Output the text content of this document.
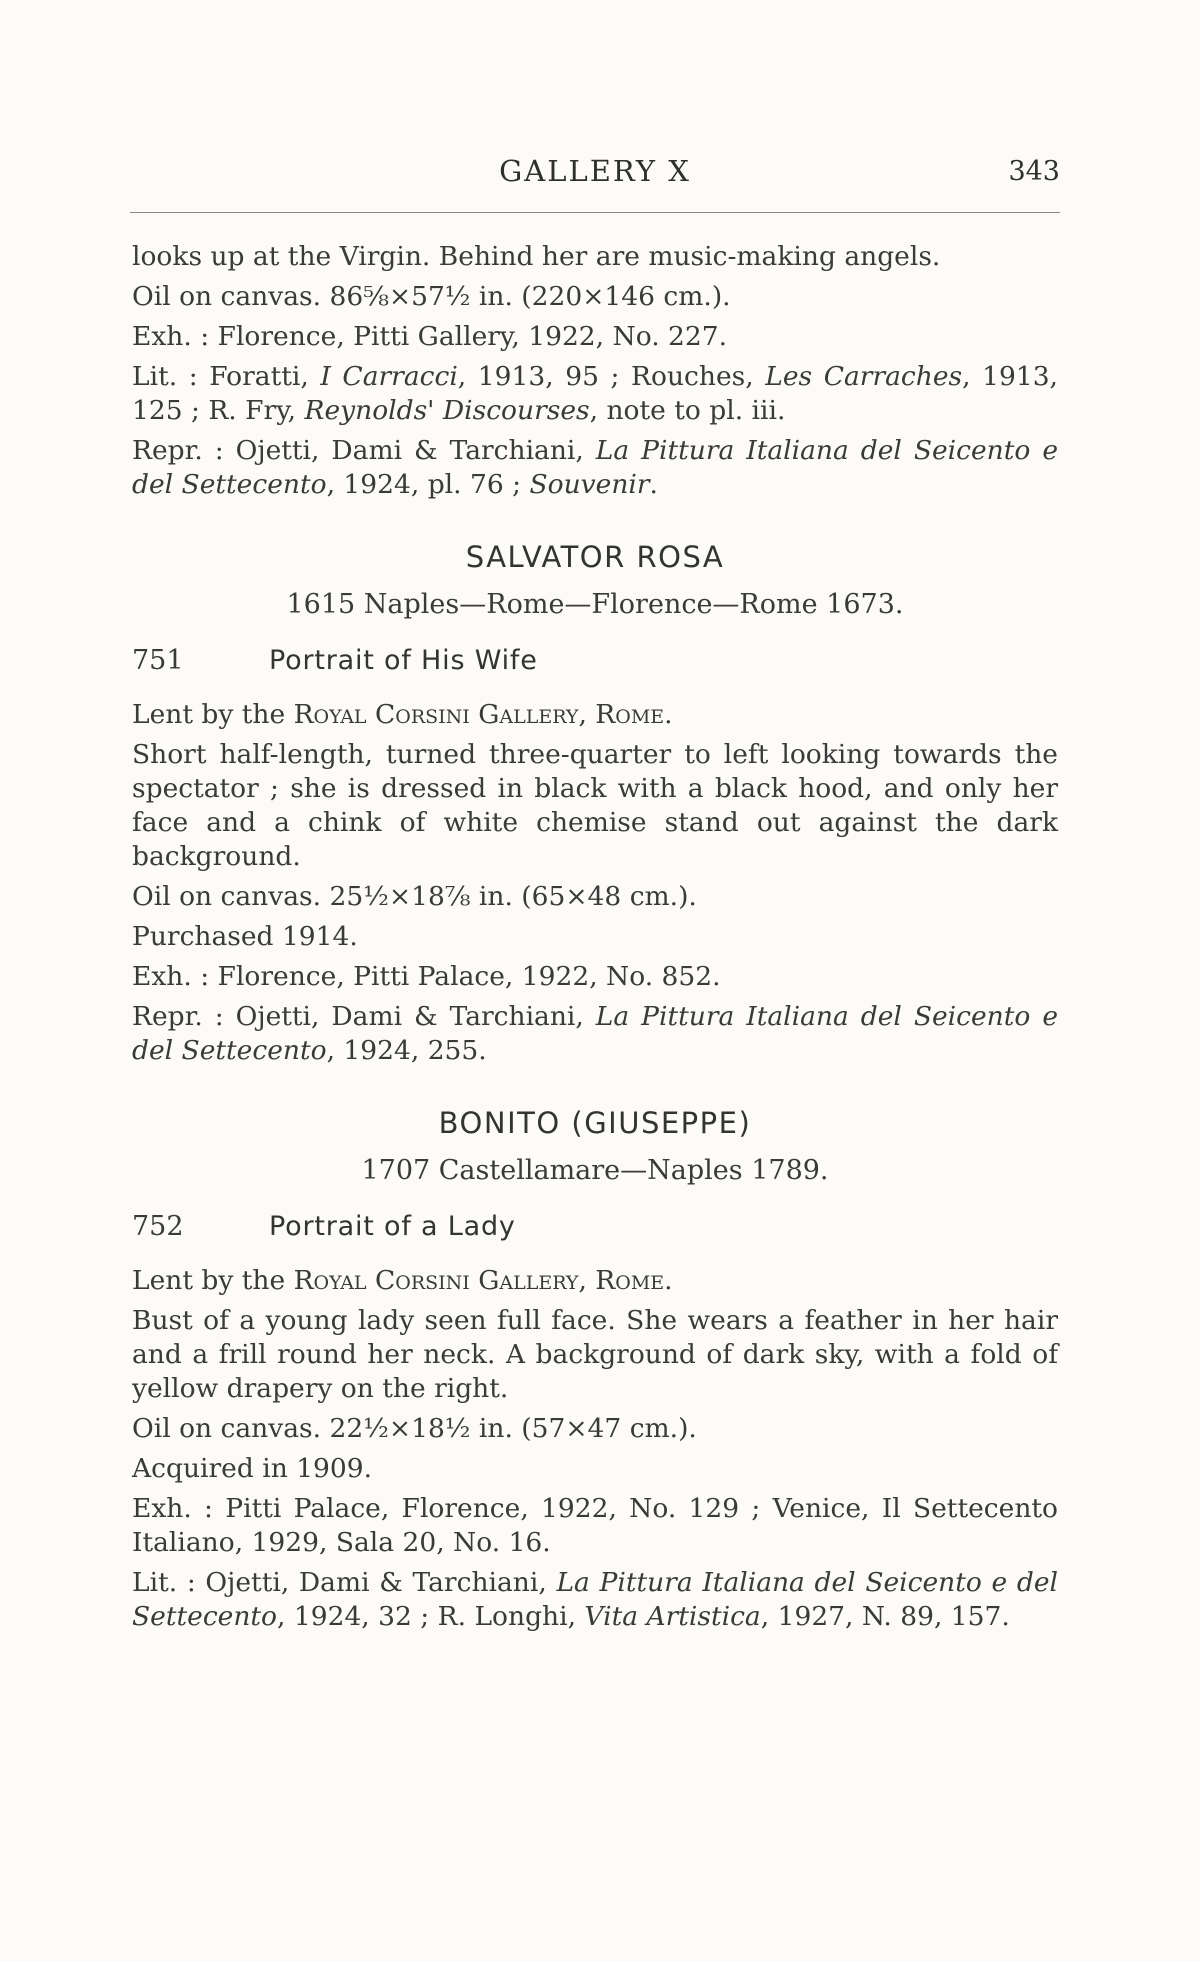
GALLERY X	343

looks up at the Virgin. Behind her are music-making angels.

Oil on canvas. 86⅝×57½ in. (220×146 cm.).

Exh. : Florence, Pitti Gallery, 1922, No. 227.

Lit. : Foratti, I Carracci, 1913, 95 ; Rouches, Les Carraches, 1913, 125 ; R. Fry, Reynolds' Discourses, note to pl. iii.

Repr. : Ojetti, Dami & Tarchiani, La Pittura Italiana del Seicento e del Settecento, 1924, pl. 76 ; Souvenir.

SALVATOR ROSA
1615 Naples—Rome—Florence—Rome 1673.
751	Portrait of His Wife

Lent by the Royal Corsini Gallery, Rome.

Short half-length, turned three-quarter to left looking towards the spectator ; she is dressed in black with a black hood, and only her face and a chink of white chemise stand out against the dark background.

Oil on canvas. 25½×18⅞ in. (65×48 cm.).

Purchased 1914.

Exh. : Florence, Pitti Palace, 1922, No. 852.

Repr. : Ojetti, Dami & Tarchiani, La Pittura Italiana del Seicento e del Settecento, 1924, 255.

BONITO (GIUSEPPE)
1707 Castellamare—Naples 1789.
752	Portrait of a Lady

Lent by the Royal Corsini Gallery, Rome.

Bust of a young lady seen full face. She wears a feather in her hair and a frill round her neck. A background of dark sky, with a fold of yellow drapery on the right.

Oil on canvas. 22½×18½ in. (57×47 cm.).

Acquired in 1909.

Exh. : Pitti Palace, Florence, 1922, No. 129 ; Venice, Il Settecento Italiano, 1929, Sala 20, No. 16.

Lit. : Ojetti, Dami & Tarchiani, La Pittura Italiana del Seicento e del Settecento, 1924, 32 ; R. Longhi, Vita Artistica, 1927, N. 89, 157.
